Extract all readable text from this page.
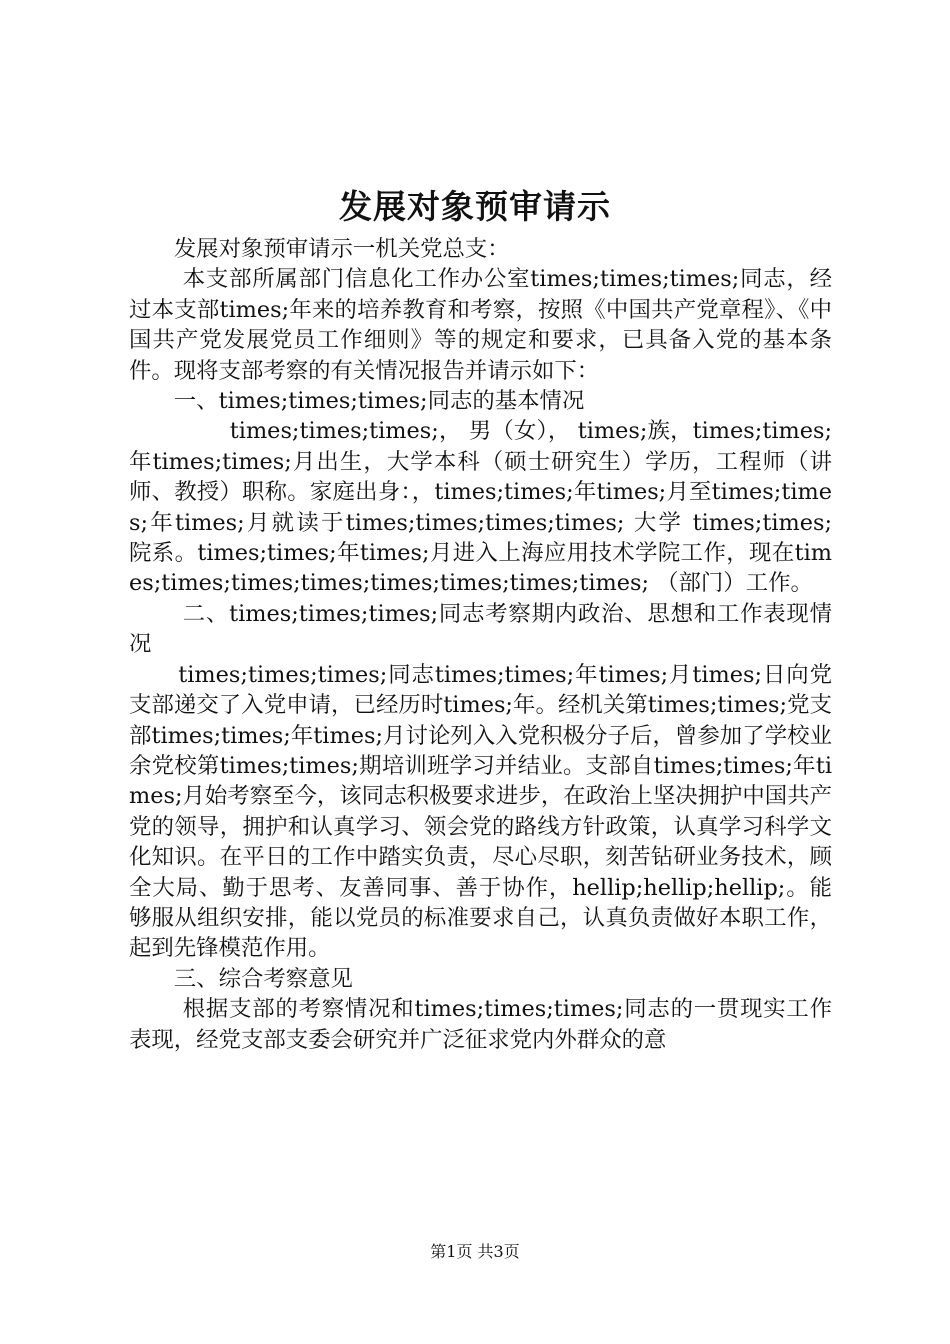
发展对象预审请示

发展对象预审请示一机关党总支：

本支部所属部门信息化工作办公室times;times;times;同志，经过本支部times;年来的培养教育和考察，按照《中国共产党章程》、《中国共产党发展党员工作细则》等的规定和要求，已具备入党的基本条件。现将支部考察的有关情况报告并请示如下：

一、times;times;times;同志的基本情况

times;times;times;， 男（女）， times;族，times;times;年times;times;月出生，大学本科（硕士研究生）学历，工程师（讲师、教授）职称。家庭出身：，times;times;年times;月至times;times;年times;月就读于times;times;times;times; 大学 times;times; 院系。times;times;年times;月进入上海应用技术学院工作，现在times;times;times;times;times;times;times;times; （部门）工作。

二、times;times;times;同志考察期内政治、思想和工作表现情况

times;times;times;同志times;times;年times;月times;日向党支部递交了入党申请，已经历时times;年。经机关第times;times;党支部times;times;年times;月讨论列入入党积极分子后，曾参加了学校业余党校第times;times;期培训班学习并结业。支部自times;times;年times;月始考察至今，该同志积极要求进步，在政治上坚决拥护中国共产党的领导，拥护和认真学习、领会党的路线方针政策，认真学习科学文化知识。在平日的工作中踏实负责，尽心尽职，刻苦钻研业务技术，顾全大局、勤于思考、友善同事、善于协作，hellip;hellip;hellip;。能够服从组织安排，能以党员的标准要求自己，认真负责做好本职工作，起到先锋模范作用。

三、综合考察意见

根据支部的考察情况和times;times;times;同志的一贯现实工作表现，经党支部支委会研究并广泛征求党内外群众的意

第1页 共3页
